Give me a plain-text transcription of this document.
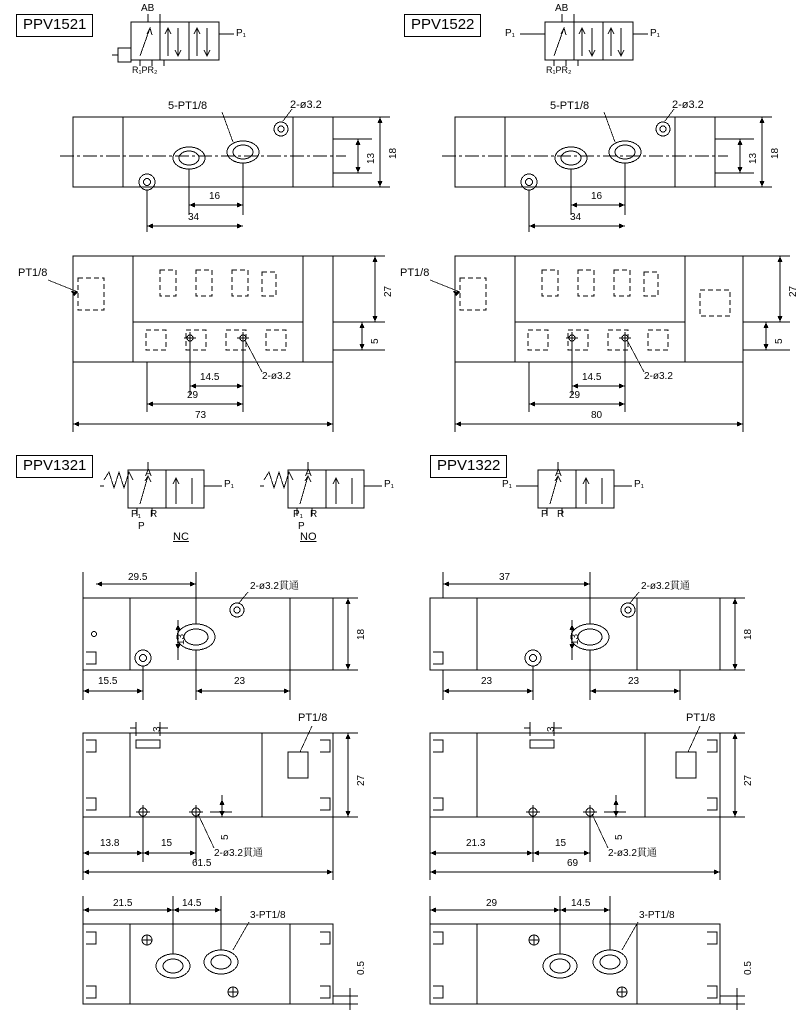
PPV1521	PPV1522
PPV1321	PPV1322
AB
P₁
R₁PR₂
AB
P₁
P₁
R₁PR₂
5-PT1/8	2-ø3.2
13 18
16
34
PT1/8
27
5
14.5	2-ø3.2
29
73
5-PT1/8	2-ø3.2
13 18
16
34
PT1/8
27
5
14.5	2-ø3.2
29
80
A
P₁
P₁ R
P
NC
A
P₁
P₁ R
P
NO
A
P₁
P₁
P R
29.5
2-ø3.2貫通
13	18
15.5	23
3
PT1/8
27
5
13.8	15
2-ø3.2貫通
61.5
21.5	14.5
3-PT1/8
0.5
37
2-ø3.2貫通
13	18
23	23
3
PT1/8
27
5
21.3	15
2-ø3.2貫通
69
29	14.5
3-PT1/8
0.5
